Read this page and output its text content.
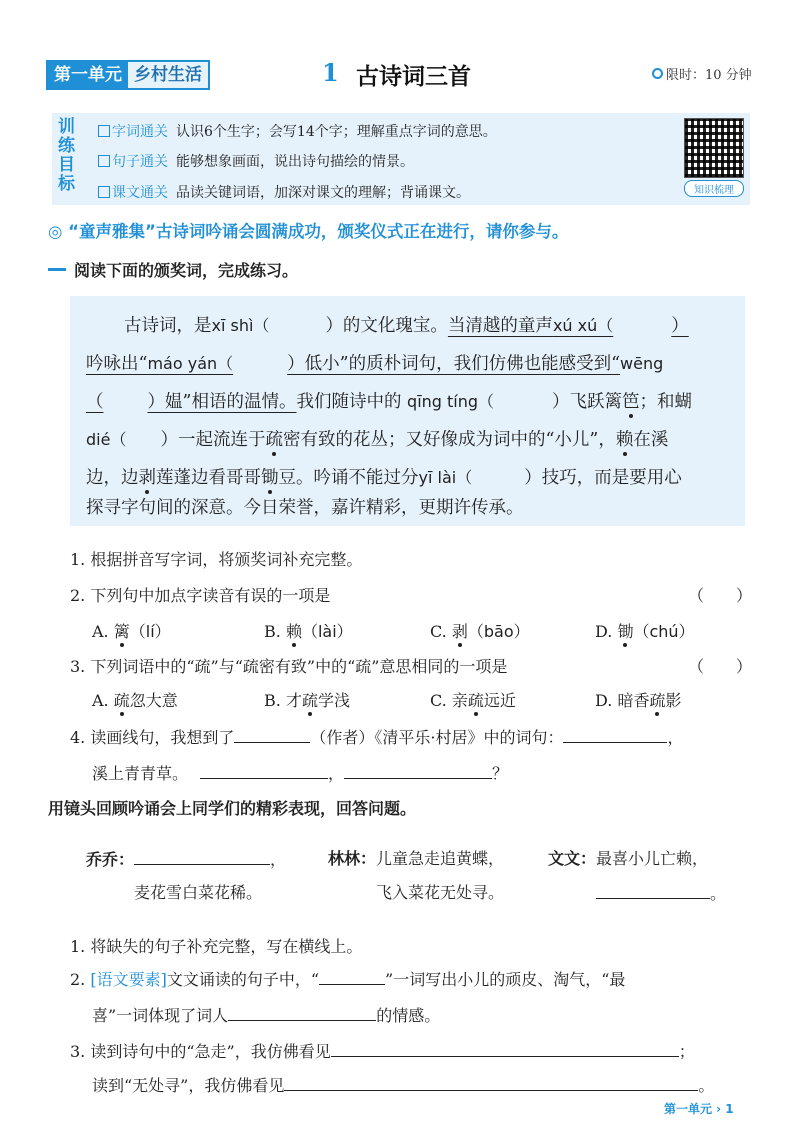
第一单元 乡村生活	1 古诗词三首	限时：10 分钟
训
练
目
标
字词通关 认识6个生字；会写14个字；理解重点字词的意思。
句子通关 能够想象画面，说出诗句描绘的情景。
课文通关 品读关键词语，加深对课文的理解；背诵课文。	知识梳理
◎ “童声雅集”古诗词吟诵会圆满成功，颁奖仪式正在进行，请你参与。
阅读下面的颁奖词，完成练习。
古诗词，是xī shì（	）的文化瑰宝。当清越的童声xú xú（	）
吟咏出“máo yán（	）低小”的质朴词句，我们仿佛也能感受到“wēng
（	）媪”相语的温情。我们随诗中的 qīng tíng（	）飞跃篱笆；和蝴
dié（ ）一起流连于疏密有致的花丛；又好像成为词中的“小儿”，赖在溪
边，边剥莲蓬边看哥哥锄豆。吟诵不能过分yī lài（	）技巧，而是要用心
探寻字句间的深意。今日荣誉，嘉许精彩，更期许传承。
1. 根据拼音写字词，将颁奖词补充完整。
2. 下列句中加点字读音有误的一项是	（　　）
A. 篱（lí）	B. 赖（lài）	C. 剥（bāo）	D. 锄（chú）
3. 下列词语中的“疏”与“疏密有致”中的“疏”意思相同的一项是	（　　）
A. 疏忽大意	B. 才疏学浅	C. 亲疏远近	D. 暗香疏影
4. 读画线句，我想到了	（作者）《清平乐·村居》中的词句：	，
溪上青青草。	，	？
用镜头回顾吟诵会上同学们的精彩表现，回答问题。
乔乔：	，
麦花雪白菜花稀。
林林：儿童急走追黄蝶，
飞入菜花无处寻。
文文：最喜小儿亡赖，
。
1. 将缺失的句子补充完整，写在横线上。
2. [语文要素]文文诵读的句子中，“	”一词写出小儿的顽皮、淘气，“最
喜”一词体现了词人	的情感。
3. 读到诗句中的“急走”，我仿佛看见	；
读到“无处寻”，我仿佛看见	。
第一单元 › 1
